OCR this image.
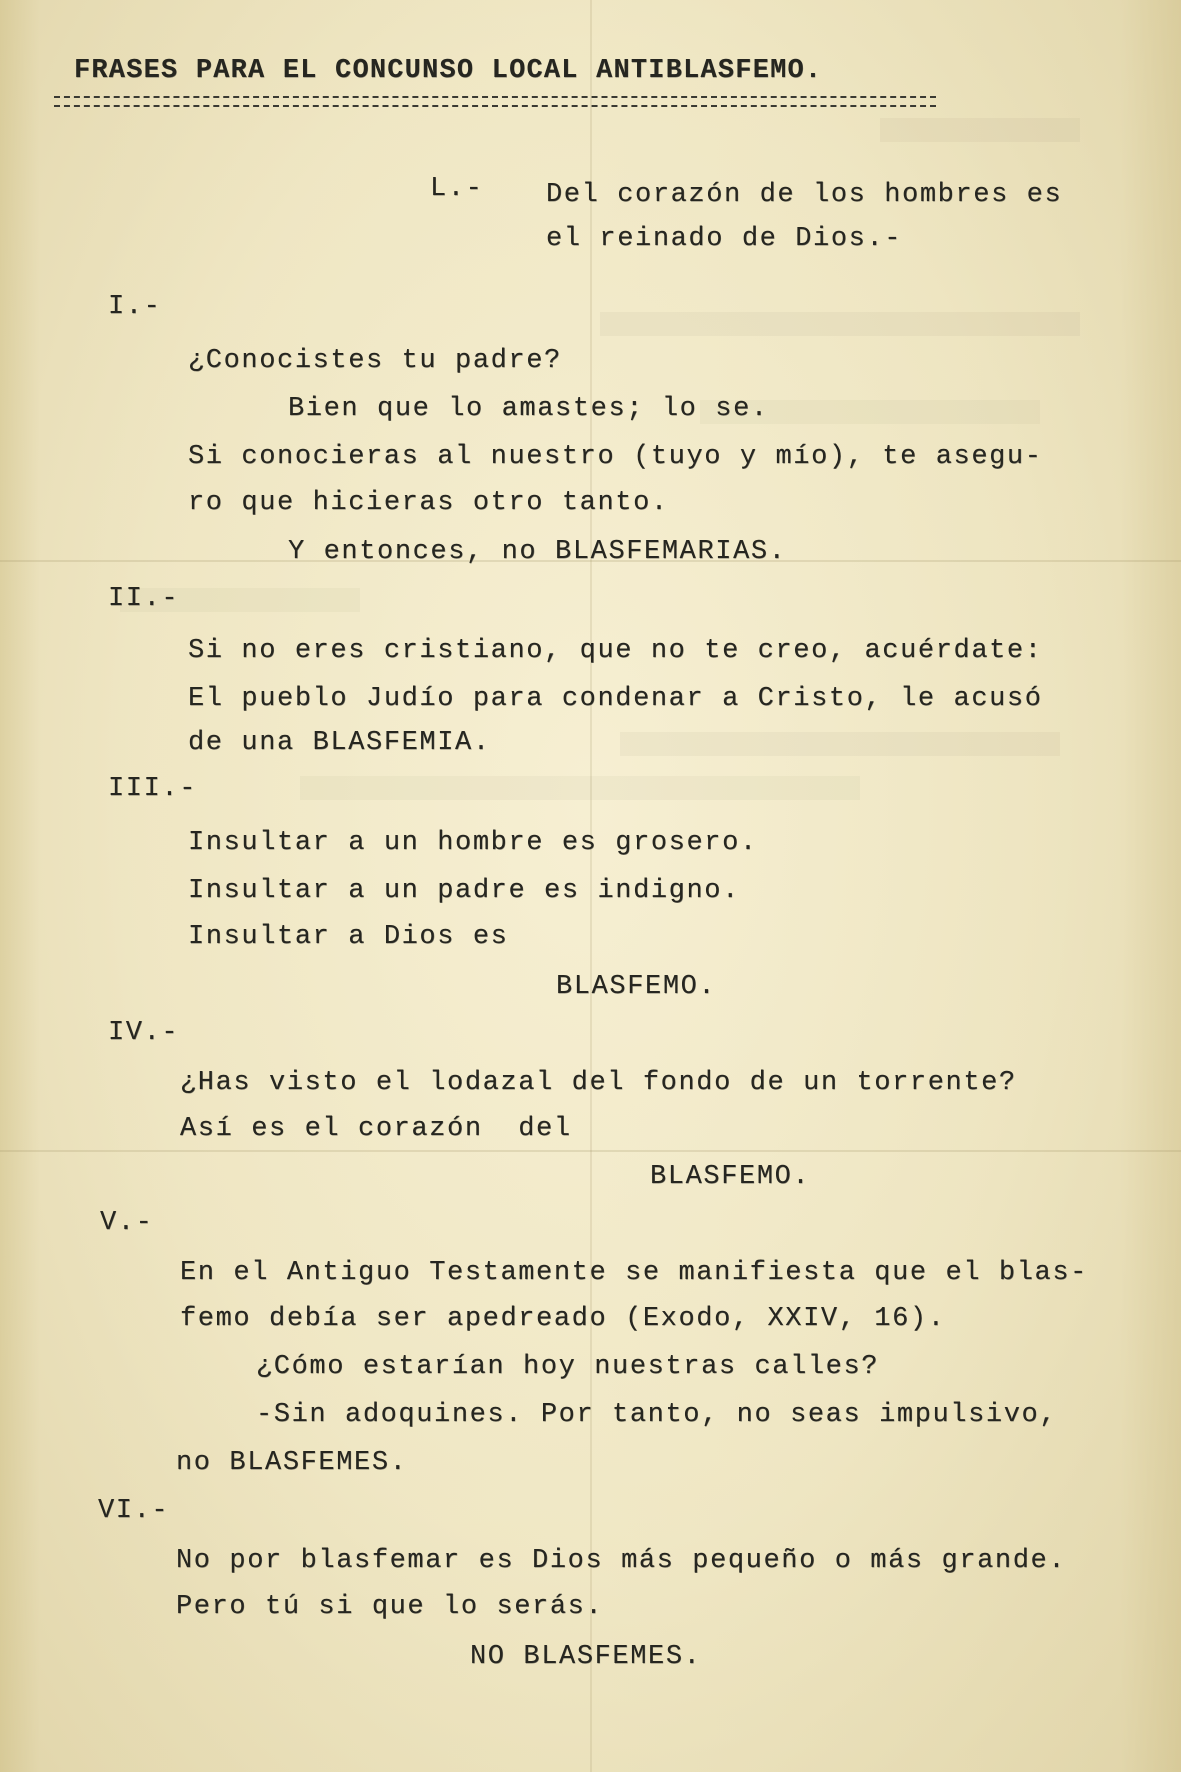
FRASES PARA EL CONCUNSO LOCAL ANTIBLASFEMO.
L.- Del corazón de los hombres es
el reinado de Dios.-
I.-
¿Conocistes tu padre?
Bien que lo amastes; lo se.
Si conocieras al nuestro (tuyo y mío), te asegu-
ro que hicieras otro tanto.
Y entonces, no BLASFEMARIAS.
II.-
Si no eres cristiano, que no te creo, acuérdate:
El pueblo Judío para condenar a Cristo, le acusó
de una BLASFEMIA.
III.-
Insultar a un hombre es grosero.
Insultar a un padre es indigno.
Insultar a Dios es
BLASFEMO.
IV.-
¿Has visto el lodazal del fondo de un torrente?
Así es el corazón  del
BLASFEMO.
V.-
En el Antiguo Testamente se manifiesta que el blas-
femo debía ser apedreado (Exodo, XXIV, 16).
¿Cómo estarían hoy nuestras calles?
-Sin adoquines. Por tanto, no seas impulsivo,
no BLASFEMES.
VI.-
No por blasfemar es Dios más pequeño o más grande.
Pero tú si que lo serás.
NO BLASFEMES.
